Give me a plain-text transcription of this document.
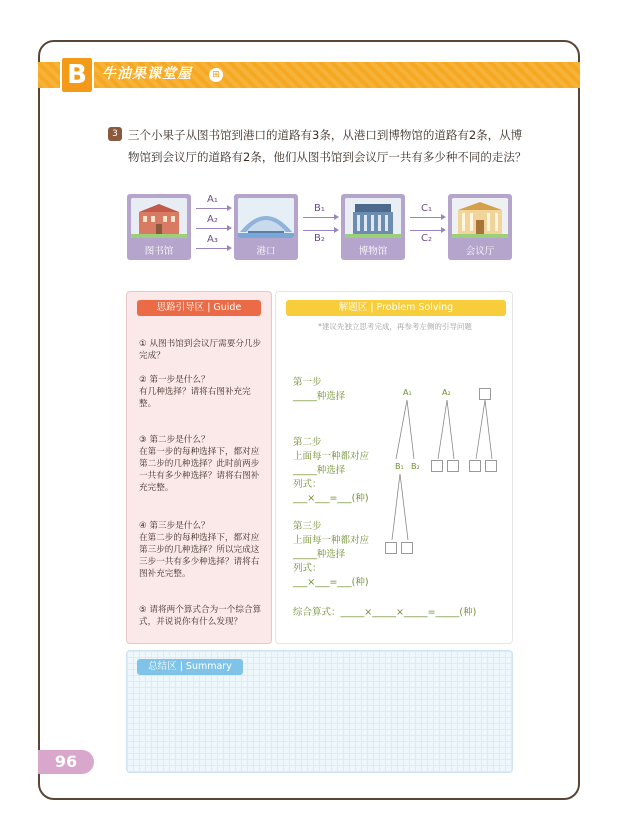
B	牛油果课堂屋	⊞
3 三个小果子从图书馆到港口的道路有3条，从港口到博物馆的道路有2条，从博物馆到会议厅的道路有2条，他们从图书馆到会议厅一共有多少种不同的走法？
图书馆	港口	博物馆	会议厅
A₁
A₂
A₃
B₁
B₂
C₁
C₂
思路引导区 | Guide
① 从图书馆到会议厅需要分几步完成？
② 第一步是什么？
有几种选择？请将右图补充完整。
③ 第二步是什么？
在第一步的每种选择下，都对应第二步的几种选择？此时前两步一共有多少种选择？请将右图补充完整。
④ 第三步是什么？
在第二步的每种选择下，都对应第三步的几种选择？所以完成这三步一共有多少种选择？请将右图补充完整。
⑤ 请将两个算式合为一个综合算式，并说说你有什么发现？
解题区 | Problem Solving
*建议先独立思考完成，再参考左侧的引导问题
第一步
_____种选择
第二步
上面每一种都对应
_____种选择
列式：
___×___=___(种)
第三步
上面每一种都对应
_____种选择
列式：
___×___=___(种)
综合算式：_____×_____×_____=_____(种)
A₁	A₂
B₁ B₂
总结区 | Summary
96
